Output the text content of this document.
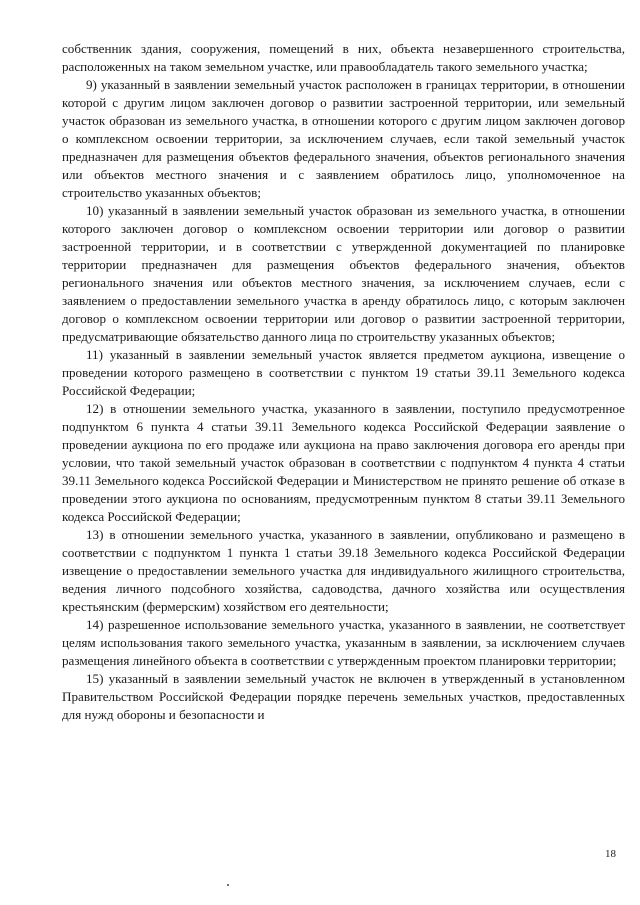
собственник здания, сооружения, помещений в них, объекта незавершенного строительства, расположенных на таком земельном участке, или правообладатель такого земельного участка;

9) указанный в заявлении земельный участок расположен в границах территории, в отношении которой с другим лицом заключен договор о развитии застроенной территории, или земельный участок образован из земельного участка, в отношении которого с другим лицом заключен договор о комплексном освоении территории, за исключением случаев, если такой земельный участок предназначен для размещения объектов федерального значения, объектов регионального значения или объектов местного значения и с заявлением обратилось лицо, уполномоченное на строительство указанных объектов;

10) указанный в заявлении земельный участок образован из земельного участка, в отношении которого заключен договор о комплексном освоении территории или договор о развитии застроенной территории, и в соответствии с утвержденной документацией по планировке территории предназначен для размещения объектов федерального значения, объектов регионального значения или объектов местного значения, за исключением случаев, если с заявлением о предоставлении земельного участка в аренду обратилось лицо, с которым заключен договор о комплексном освоении территории или договор о развитии застроенной территории, предусматривающие обязательство данного лица по строительству указанных объектов;

11) указанный в заявлении земельный участок является предметом аукциона, извещение о проведении которого размещено в соответствии с пунктом 19 статьи 39.11 Земельного кодекса Российской Федерации;

12) в отношении земельного участка, указанного в заявлении, поступило предусмотренное подпунктом 6 пункта 4 статьи 39.11 Земельного кодекса Российской Федерации заявление о проведении аукциона по его продаже или аукциона на право заключения договора его аренды при условии, что такой земельный участок образован в соответствии с подпунктом 4 пункта 4 статьи 39.11 Земельного кодекса Российской Федерации и Министерством не принято решение об отказе в проведении этого аукциона по основаниям, предусмотренным пунктом 8 статьи 39.11 Земельного кодекса Российской Федерации;

13) в отношении земельного участка, указанного в заявлении, опубликовано и размещено в соответствии с подпунктом 1 пункта 1 статьи 39.18 Земельного кодекса Российской Федерации извещение о предоставлении земельного участка для индивидуального жилищного строительства, ведения личного подсобного хозяйства, садоводства, дачного хозяйства или осуществления крестьянским (фермерским) хозяйством его деятельности;

14) разрешенное использование земельного участка, указанного в заявлении, не соответствует целям использования такого земельного участка, указанным в заявлении, за исключением случаев размещения линейного объекта в соответствии с утвержденным проектом планировки территории;

15) указанный в заявлении земельный участок не включен в утвержденный в установленном Правительством Российской Федерации порядке перечень земельных участков, предоставленных для нужд обороны и безопасности и

18
